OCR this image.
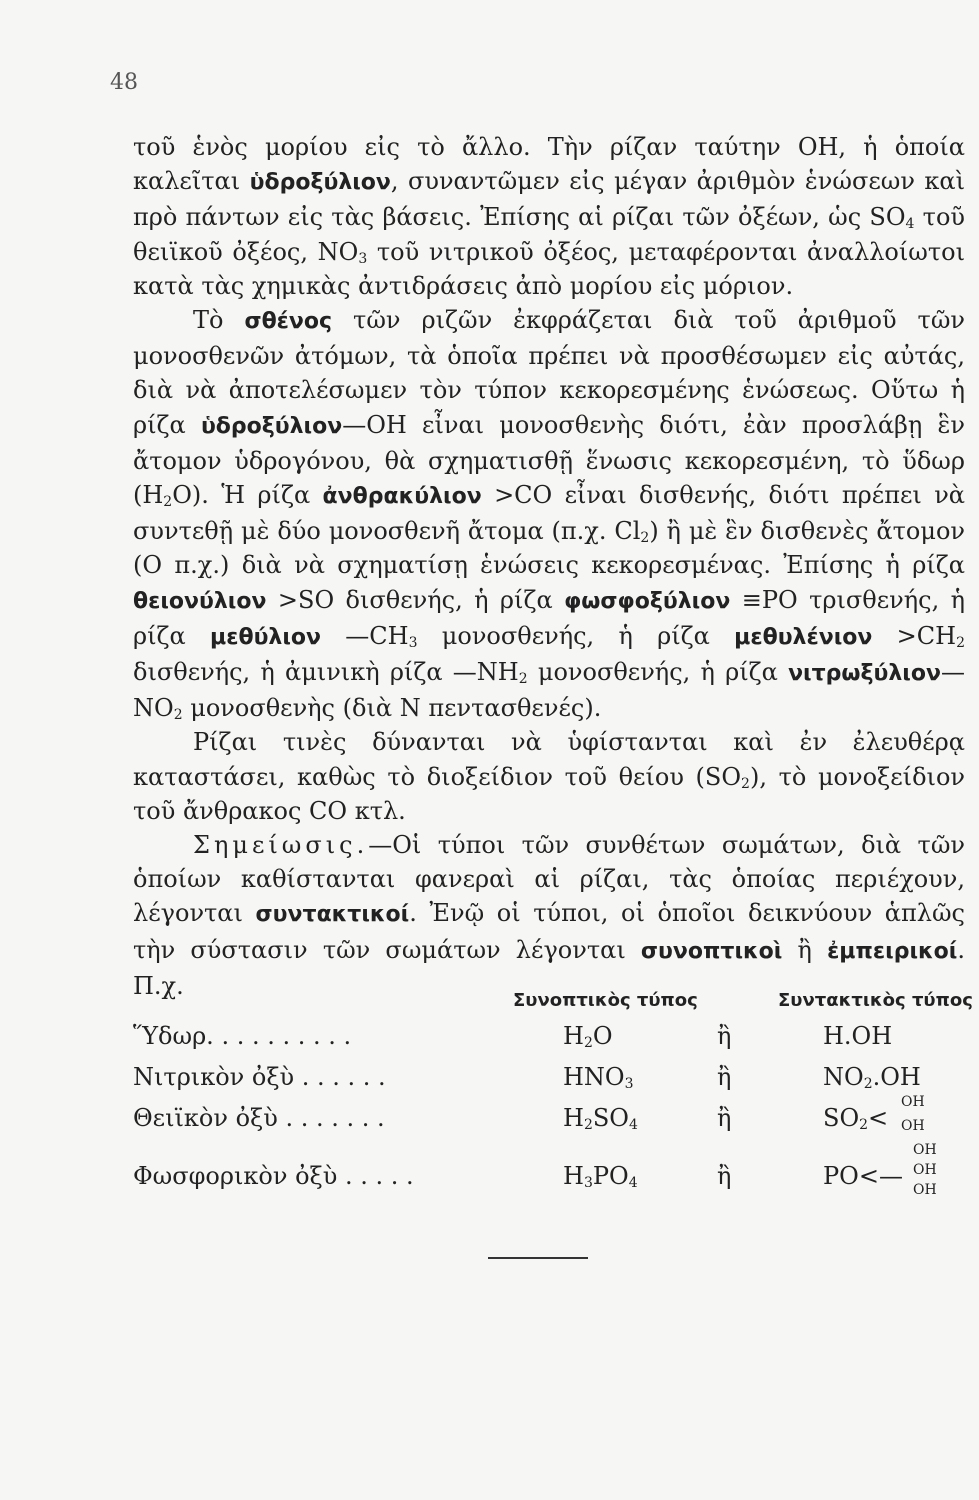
48

τοῦ ἑνὸς μορίου εἰς τὸ ἄλλο. Τὴν ρίζαν ταύτην ΟΗ, ἡ ὁποία καλεῖται ὑδροξύλιον, συναντῶμεν εἰς μέγαν ἀριθμὸν ἑνώσεων καὶ πρὸ πάντων εἰς τὰς βάσεις. Ἐπίσης αἱ ρίζαι τῶν ὀξέων, ὡς $SO_4$ τοῦ θειϊκοῦ ὀξέος, $NO_3$ τοῦ νιτρικοῦ ὀξέος, μεταφέρονται ἀναλλοίωτοι κατὰ τὰς χημικὰς ἀντιδράσεις ἀπὸ μορίου εἰς μόριον.

Τὸ σθένος τῶν ριζῶν ἐκφράζεται διὰ τοῦ ἀριθμοῦ τῶν μονοσθενῶν ἀτόμων, τὰ ὁποῖα πρέπει νὰ προσθέσωμεν εἰς αὐτάς, διὰ νὰ ἀποτελέσωμεν τὸν τύπον κεκορεσμένης ἑνώσεως. Οὕτω ἡ ρίζα ὑδροξύλιον—ΟΗ εἶναι μονοσθενὴς διότι, ἐὰν προσλάβῃ ἓν ἄτομον ὑδρογόνου, θὰ σχηματισθῇ ἕνωσις κεκορεσμένη, τὸ ὕδωρ $(H_2O)$. Ἡ ρίζα ἀνθρακύλιον >CO εἶναι δισθενής, διότι πρέπει νὰ συντεθῇ μὲ δύο μονοσθενῆ ἄτομα (π.χ. $Cl_2$) ἢ μὲ ἓν δισθενὲς ἄτομον (O π.χ.) διὰ νὰ σχηματίσῃ ἑνώσεις κεκορεσμένας. Ἐπίσης ἡ ρίζα θειονύλιον >SO δισθενής, ἡ ρίζα φωσφοξύλιον ≡PO τρισθενής, ἡ ρίζα μεθύλιον $—CH_3$ μονοσθενής, ἡ ρίζα $\mu\varepsilon\theta\upsilon\lambda έ\nu\iota o\nu >CH_2$ δισθενής, ἡ ἀμινικὴ ρίζα $—NH_2$ μονοσθενής, ἡ ρίζα $\nu\iota\tau\rho\omega\xi ύ\lambda\iota o\nu—NO_2$ μονοσθενὴς (διὰ N πεντασθενές).

Ρίζαι τινὲς δύνανται νὰ ὑφίστανται καὶ ἐν ἐλευθέρᾳ καταστάσει, καθὼς τὸ διοξείδιον τοῦ θείου $(SO_2)$, τὸ μονοξείδιον τοῦ ἄνθρακος CO κτλ.

Σημείωσις.—Οἱ τύποι τῶν συνθέτων σωμάτων, διὰ τῶν ὁποίων καθίστανται φανεραὶ αἱ ρίζαι, τὰς ὁποίας περιέχουν, λέγονται συντακτικοί. Ἐνῷ οἱ τύποι, οἱ ὁποῖοι δεικνύουν ἁπλῶς τὴν σύστασιν τῶν σωμάτων λέγονται συνοπτικοὶ ἢ ἐμπειρικοί. Π.χ.

Συνοπτικὸς τύπος	Συντακτικὸς τύπος
Ὕδωρ. . . . . . . . . .	$H_2O$	ἢ	H.OH
Νιτρικὸν ὀξὺ . . . . . .	$HNO_3$	ἢ	$NO_2.OH$
Θειϊκὸν ὀξὺ . . . . . . .	$H_2SO_4$	ἢ	$SO_2<$
OH
OH
Φωσφορικὸν ὀξὺ . . . . .	$H_3PO_4$	ἢ	PO<—
OH
OH
OH
